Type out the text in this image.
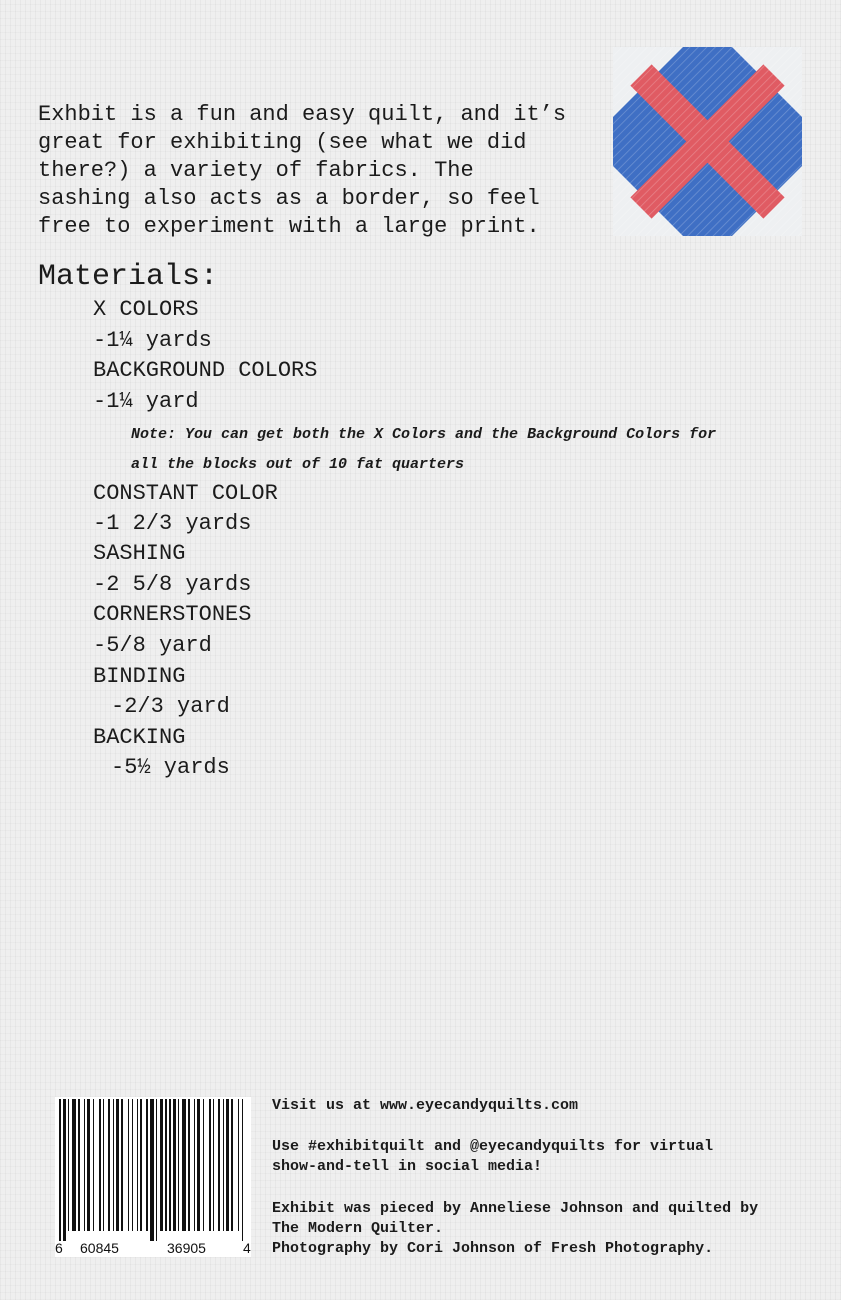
Exhbit is a fun and easy quilt, and it’s
great for exhibiting (see what we did
there?) a variety of fabrics. The
sashing also acts as a border, so feel
free to experiment with a large print.

Materials:

X COLORS

-1¼ yards

BACKGROUND COLORS

-1¼ yard

Note: You can get both the X Colors and the Background Colors for

all the blocks out of 10 fat quarters

CONSTANT COLOR

-1 2/3 yards

SASHING

-2 5/8 yards

CORNERSTONES

-5/8 yard

BINDING

-2/3 yard

BACKING

-5½ yards

6 60845	36905	4

Visit us at www.eyecandyquilts.com

Use #exhibitquilt and @eyecandyquilts for virtual

show-and-tell in social media!

Exhibit was pieced by Anneliese Johnson and quilted by

The Modern Quilter.

Photography by Cori Johnson of Fresh Photography.
